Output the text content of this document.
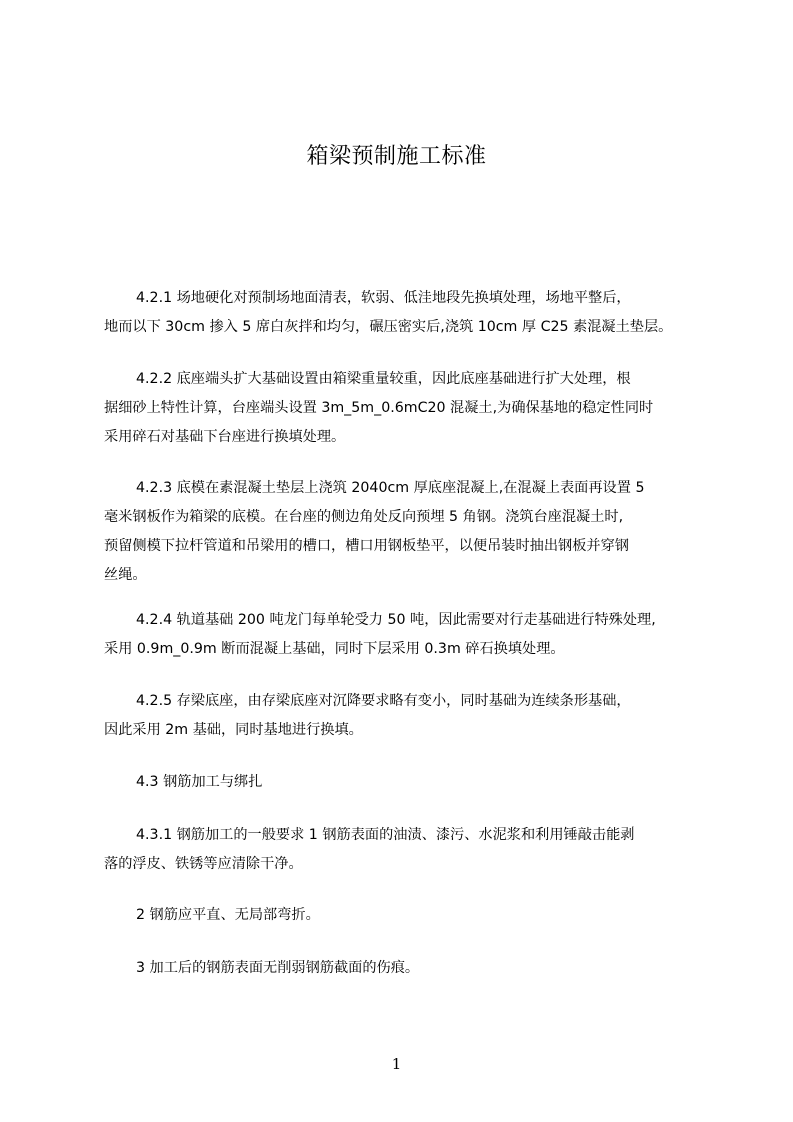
箱梁预制施工标准
4.2.1 场地硬化对预制场地面清表，软弱、低洼地段先换填处理，场地平整后，
地而以下 30cm 掺入 5 席白灰拌和均匀，碾压密实后,浇筑 10cm 厚 C25 素混凝土垫层。
4.2.2 底座端头扩大基础设置由箱梁重量较重，因此底座基础进行扩大处理，根
据细砂上特性计算，台座端头设置 3m_5m_0.6mC20 混凝土,为确保基地的稳定性同时
采用碎石对基础下台座进行换填处理。
4.2.3 底模在素混凝土垫层上浇筑 2040cm 厚底座混凝上,在混凝上表面再设置 5
毫米钢板作为箱梁的底模。在台座的侧边角处反向预埋 5 角钢。浇筑台座混凝土时,
预留侧模下拉杆管道和吊梁用的槽口，槽口用钢板垫平，以便吊装时抽出钢板并穿钢
丝绳。
4.2.4 轨道基础 200 吨龙门每单轮受力 50 吨，因此需要对行走基础进行特殊处理,
采用 0.9m_0.9m 断而混凝上基础，同时下层采用 0.3m 碎石换填处理。
4.2.5 存梁底座，由存梁底座对沉降要求略有变小，同时基础为连续条形基础，
因此采用 2m 基础，同时基地进行换填。
4.3 钢筋加工与绑扎
4.3.1 钢筋加工的一般要求 1 钢筋表面的油渍、漆污、水泥浆和利用锤敲击能剥
落的浮皮、铁锈等应清除干净。
2 钢筋应平直、无局部弯折。
3 加工后的钢筋表面无削弱钢筋截面的伤痕。
1
